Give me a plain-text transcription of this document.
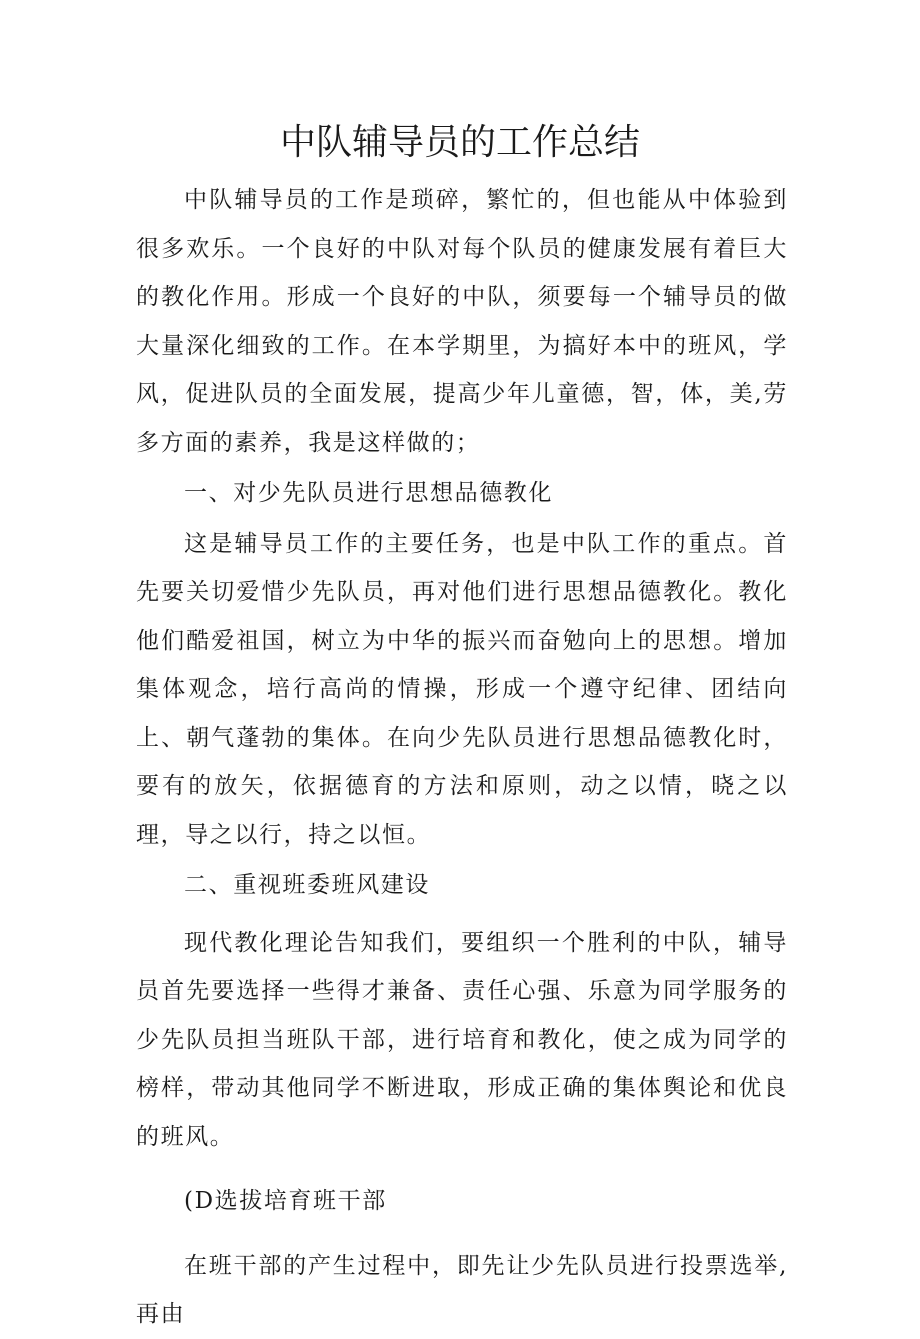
中队辅导员的工作总结

中队辅导员的工作是琐碎，繁忙的，但也能从中体验到很多欢乐。一个良好的中队对每个队员的健康发展有着巨大的教化作用。形成一个良好的中队，须要每一个辅导员的做大量深化细致的工作。在本学期里，为搞好本中的班风，学风，促进队员的全面发展，提高少年儿童德，智，体，美,劳多方面的素养，我是这样做的；

一、对少先队员进行思想品德教化

这是辅导员工作的主要任务，也是中队工作的重点。首先要关切爱惜少先队员，再对他们进行思想品德教化。教化他们酷爱祖国，树立为中华的振兴而奋勉向上的思想。增加集体观念，培行高尚的情操，形成一个遵守纪律、团结向上、朝气蓬勃的集体。在向少先队员进行思想品德教化时，要有的放矢，依据德育的方法和原则，动之以情，晓之以理，导之以行，持之以恒。

二、重视班委班风建设

现代教化理论告知我们，要组织一个胜利的中队，辅导员首先要选择一些得才兼备、责任心强、乐意为同学服务的少先队员担当班队干部，进行培育和教化，使之成为同学的榜样，带动其他同学不断进取，形成正确的集体舆论和优良的班风。

(D选拔培育班干部

在班干部的产生过程中，即先让少先队员进行投票选举,再由
